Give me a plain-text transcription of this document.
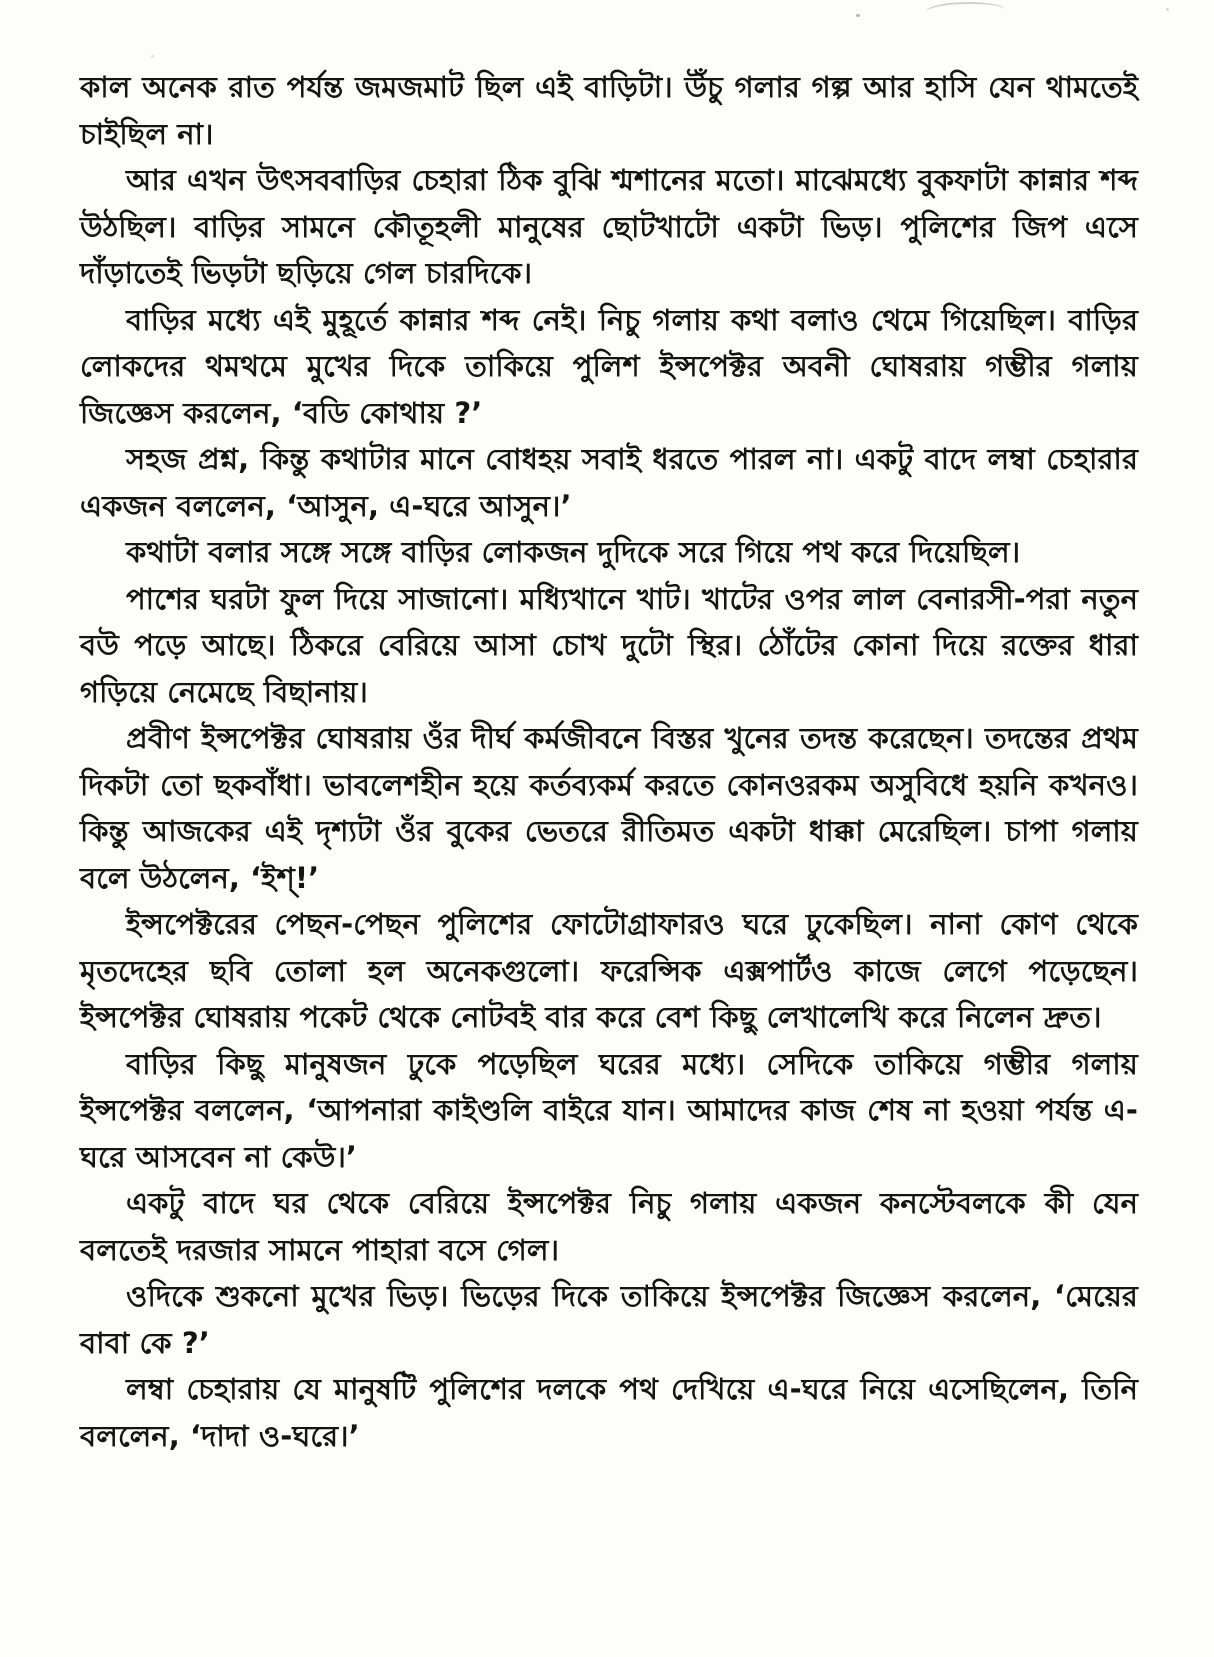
কাল অনেক রাত পর্যন্ত জমজমাট ছিল এই বাড়িটা। উঁচু গলার গল্প আর হাসি যেন থামতেই চাইছিল না।

আর এখন উৎসববাড়ির চেহারা ঠিক বুঝি শ্মশানের মতো। মাঝেমধ্যে বুকফাটা কান্নার শব্দ উঠছিল। বাড়ির সামনে কৌতূহলী মানুষের ছোটখাটো একটা ভিড়। পুলিশের জিপ এসে দাঁড়াতেই ভিড়টা ছড়িয়ে গেল চারদিকে।

বাড়ির মধ্যে এই মুহূর্তে কান্নার শব্দ নেই। নিচু গলায় কথা বলাও থেমে গিয়েছিল। বাড়ির লোকদের থমথমে মুখের দিকে তাকিয়ে পুলিশ ইন্সপেক্টর অবনী ঘোষরায় গম্ভীর গলায় জিজ্ঞেস করলেন, ‘বডি কোথায় ?’

সহজ প্রশ্ন, কিন্তু কথাটার মানে বোধহয় সবাই ধরতে পারল না। একটু বাদে লম্বা চেহারার একজন বললেন, ‘আসুন, এ-ঘরে আসুন।’

কথাটা বলার সঙ্গে সঙ্গে বাড়ির লোকজন দুদিকে সরে গিয়ে পথ করে দিয়েছিল।

পাশের ঘরটা ফুল দিয়ে সাজানো। মধ্যিখানে খাট। খাটের ওপর লাল বেনারসী-পরা নতুন বউ পড়ে আছে। ঠিকরে বেরিয়ে আসা চোখ দুটো স্থির। ঠোঁটের কোনা দিয়ে রক্তের ধারা গড়িয়ে নেমেছে বিছানায়।

প্রবীণ ইন্সপেক্টর ঘোষরায় ওঁর দীর্ঘ কর্মজীবনে বিস্তর খুনের তদন্ত করেছেন। তদন্তের প্রথম দিকটা তো ছকবাঁধা। ভাবলেশহীন হয়ে কর্তব্যকর্ম করতে কোনওরকম অসুবিধে হয়নি কখনও। কিন্তু আজকের এই দৃশ্যটা ওঁর বুকের ভেতরে রীতিমত একটা ধাক্কা মেরেছিল। চাপা গলায় বলে উঠলেন, ‘ইশ্‌!’

ইন্সপেক্টরের পেছন-পেছন পুলিশের ফোটোগ্রাফারও ঘরে ঢুকেছিল। নানা কোণ থেকে মৃতদেহের ছবি তোলা হল অনেকগুলো। ফরেন্সিক এক্সপার্টও কাজে লেগে পড়েছেন। ইন্সপেক্টর ঘোষরায় পকেট থেকে নোটবই বার করে বেশ কিছু লেখালেখি করে নিলেন দ্রুত।

বাড়ির কিছু মানুষজন ঢুকে পড়েছিল ঘরের মধ্যে। সেদিকে তাকিয়ে গম্ভীর গলায় ইন্সপেক্টর বললেন, ‘আপনারা কাইণ্ডলি বাইরে যান। আমাদের কাজ শেষ না হওয়া পর্যন্ত এ-ঘরে আসবেন না কেউ।’

একটু বাদে ঘর থেকে বেরিয়ে ইন্সপেক্টর নিচু গলায় একজন কনস্টেবলকে কী যেন বলতেই দরজার সামনে পাহারা বসে গেল।

ওদিকে শুকনো মুখের ভিড়। ভিড়ের দিকে তাকিয়ে ইন্সপেক্টর জিজ্ঞেস করলেন, ‘মেয়ের বাবা কে ?’

লম্বা চেহারায় যে মানুষটি পুলিশের দলকে পথ দেখিয়ে এ-ঘরে নিয়ে এসেছিলেন, তিনি বললেন, ‘দাদা ও-ঘরে।’
